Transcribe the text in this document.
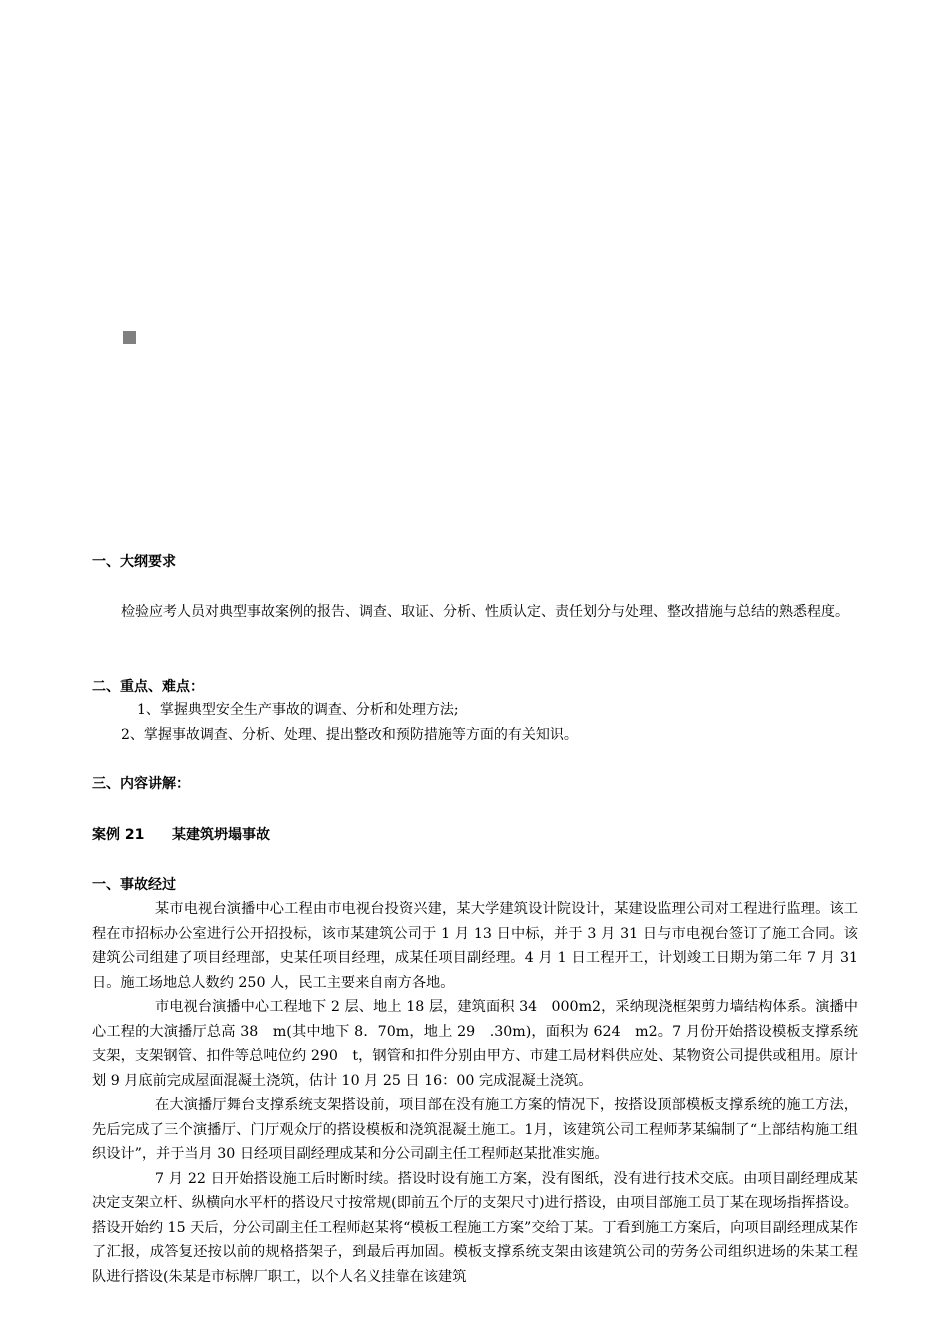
一、大纲要求
检验应考人员对典型事故案例的报告、调查、取证、分析、性质认定、责任划分与处理、整改措施与总结的熟悉程度。
二、重点、难点：
1、掌握典型安全生产事故的调查、分析和处理方法;
2、掌握事故调查、分析、处理、提出整改和预防措施等方面的有关知识。
三、内容讲解：
案例 21 某建筑坍塌事故
一、事故经过

某市电视台演播中心工程由市电视台投资兴建，某大学建筑设计院设计，某建设监理公司对工程进行监理。该工程在市招标办公室进行公开招投标，该市某建筑公司于 1 月 13 日中标，并于 3 月 31 日与市电视台签订了施工合同。该建筑公司组建了项目经理部，史某任项目经理，成某任项目副经理。4 月 1 日工程开工，计划竣工日期为第二年 7 月 31 日。施工场地总人数约 250 人，民工主要来自南方各地。

市电视台演播中心工程地下 2 层、地上 18 层，建筑面积 34　000m2，采纳现浇框架剪力墙结构体系。演播中心工程的大演播厅总高 38　m(其中地下 8．70m，地上 29　.30m)，面积为 624　m2。7 月份开始搭设模板支撑系统支架，支架钢管、扣件等总吨位约 290　t，钢管和扣件分别由甲方、市建工局材料供应处、某物资公司提供或租用。原计划 9 月底前完成屋面混凝土浇筑，估计 10 月 25 日 16：00 完成混凝土浇筑。

在大演播厅舞台支撑系统支架搭设前，项目部在没有施工方案的情况下，按搭设顶部模板支撑系统的施工方法，先后完成了三个演播厅、门厅观众厅的搭设模板和浇筑混凝土施工。1月，该建筑公司工程师茅某编制了“上部结构施工组织设计”，并于当月 30 日经项目副经理成某和分公司副主任工程师赵某批准实施。

7 月 22 日开始搭设施工后时断时续。搭设时设有施工方案，没有图纸，没有进行技术交底。由项目副经理成某决定支架立杆、纵横向水平杆的搭设尺寸按常规(即前五个厅的支架尺寸)进行搭设，由项目部施工员丁某在现场指挥搭设。搭设开始约 15 天后，分公司副主任工程师赵某将“模板工程施工方案”交给丁某。丁看到施工方案后，向项目副经理成某作了汇报，成答复还按以前的规格搭架子，到最后再加固。模板支撑系统支架由该建筑公司的劳务公司组织进场的朱某工程队进行搭设(朱某是市标牌厂职工，以个人名义挂靠在该建筑
